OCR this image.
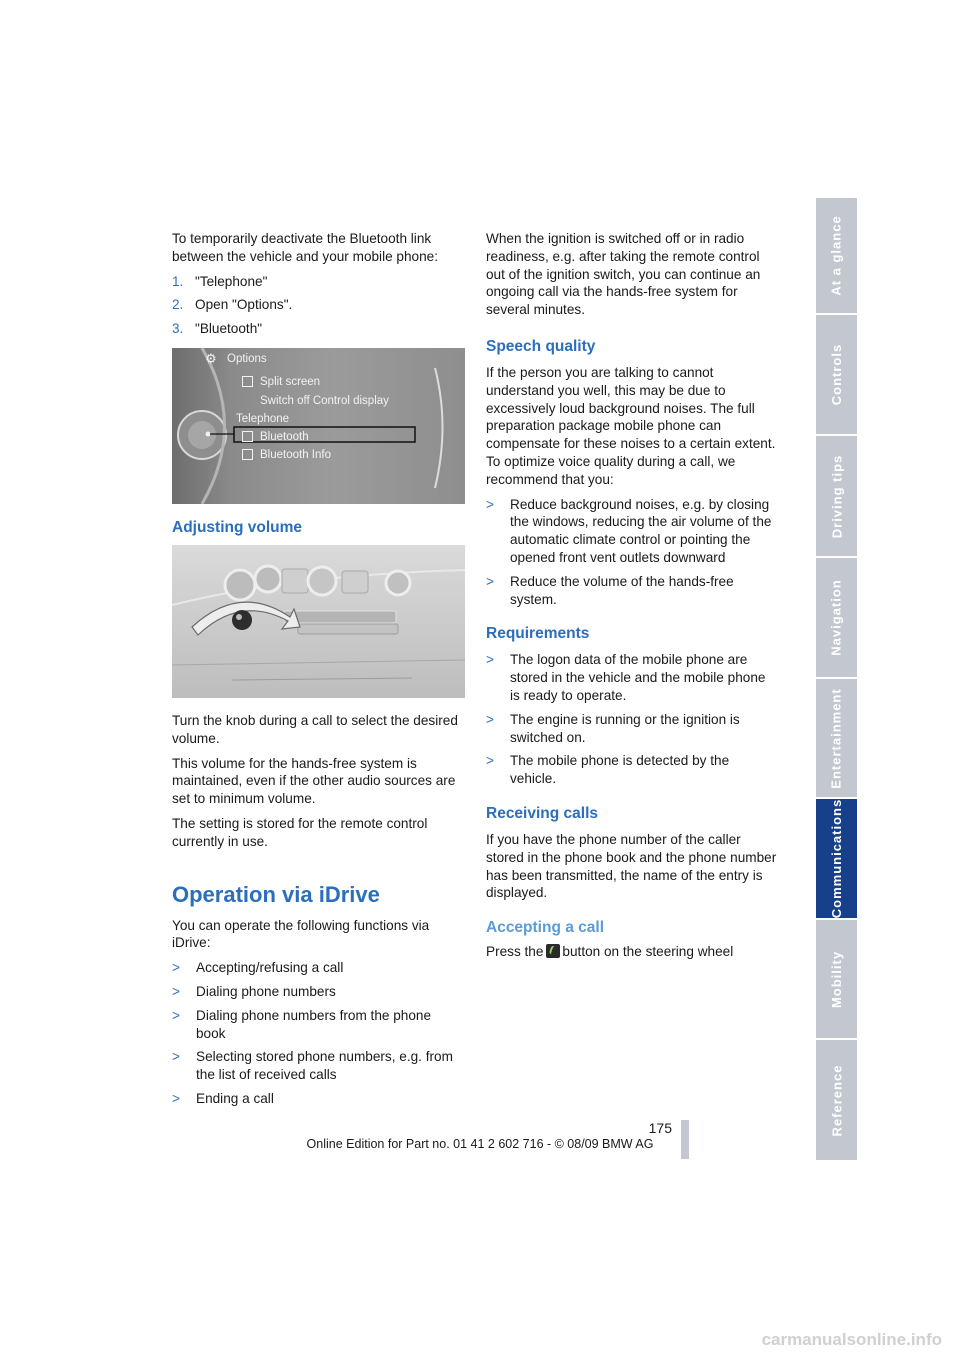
To temporarily deactivate the Bluetooth link between the vehicle and your mobile phone:

1. "Telephone"
2. Open "Options".
3. "Bluetooth"
⚙ Options
Split screen
Switch off Control display
Telephone
Bluetooth
Bluetooth Info
Adjusting volume

Turn the knob during a call to select the desired volume.

This volume for the hands-free system is maintained, even if the other audio sources are set to minimum volume.

The setting is stored for the remote control currently in use.

Operation via iDrive

You can operate the following functions via iDrive:

>	Accepting/refusing a call
>	Dialing phone numbers
>	Dialing phone numbers from the phone book
>	Selecting stored phone numbers, e.g. from the list of received calls
>	Ending a call

When the ignition is switched off or in radio readiness, e.g. after taking the remote control out of the ignition switch, you can continue an ongoing call via the hands-free system for several minutes.

Speech quality

If the person you are talking to cannot understand you well, this may be due to excessively loud background noises. The full preparation package mobile phone can compensate for these noises to a certain extent. To optimize voice quality during a call, we recommend that you:

>	Reduce background noises, e.g. by closing the windows, reducing the air volume of the automatic climate control or pointing the opened front vent outlets downward
>	Reduce the volume of the hands-free system.
Requirements
>	The logon data of the mobile phone are stored in the vehicle and the mobile phone is ready to operate.
>	The engine is running or the ignition is switched on.
>	The mobile phone is detected by the vehicle.
Receiving calls

If you have the phone number of the caller stored in the phone book and the phone number has been transmitted, the name of the entry is displayed.

Accepting a call

Press the button on the steering wheel

At a glance
Controls
Driving tips
Navigation
Entertainment
Communications
Mobility
Reference
175
Online Edition for Part no. 01 41 2 602 716 - © 08/09 BMW AG
carmanualsonline.info
